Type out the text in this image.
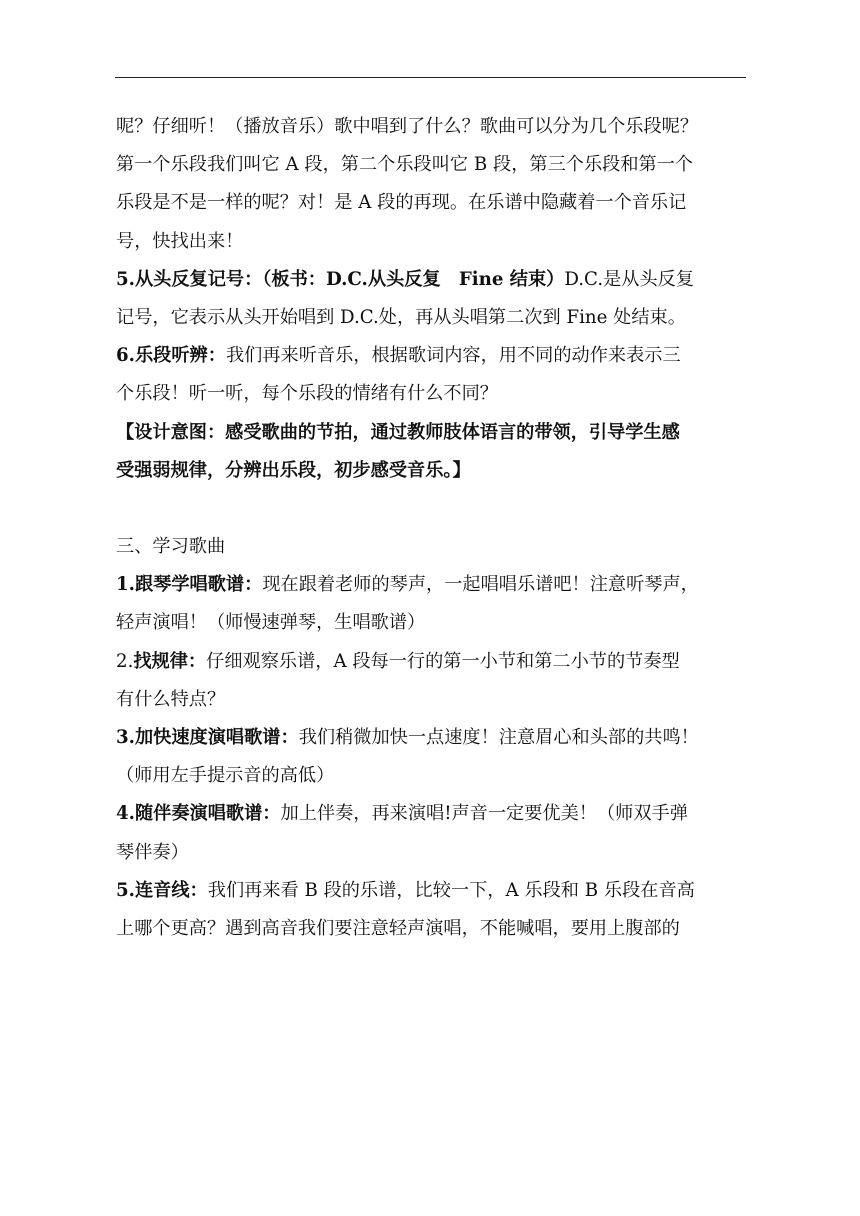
呢？仔细听！（播放音乐）歌中唱到了什么？歌曲可以分为几个乐段呢？
第一个乐段我们叫它 A 段，第二个乐段叫它 B 段，第三个乐段和第一个
乐段是不是一样的呢？对！是 A 段的再现。在乐谱中隐藏着一个音乐记
号，快找出来！
5.从头反复记号：（板书：D.C.从头反复　Fine 结束）D.C.是从头反复
记号，它表示从头开始唱到 D.C.处，再从头唱第二次到 Fine 处结束。
6.乐段听辨：我们再来听音乐，根据歌词内容，用不同的动作来表示三
个乐段！听一听，每个乐段的情绪有什么不同？
【设计意图：感受歌曲的节拍，通过教师肢体语言的带领，引导学生感
受强弱规律，分辨出乐段，初步感受音乐。】
三、学习歌曲
1.跟琴学唱歌谱：现在跟着老师的琴声，一起唱唱乐谱吧！注意听琴声，
轻声演唱！（师慢速弹琴，生唱歌谱）
2.找规律：仔细观察乐谱，A 段每一行的第一小节和第二小节的节奏型
有什么特点？
3.加快速度演唱歌谱：我们稍微加快一点速度！注意眉心和头部的共鸣！
（师用左手提示音的高低）
4.随伴奏演唱歌谱：加上伴奏，再来演唱!声音一定要优美！（师双手弹
琴伴奏）
5.连音线：我们再来看 B 段的乐谱，比较一下，A 乐段和 B 乐段在音高
上哪个更高？遇到高音我们要注意轻声演唱，不能喊唱，要用上腹部的
